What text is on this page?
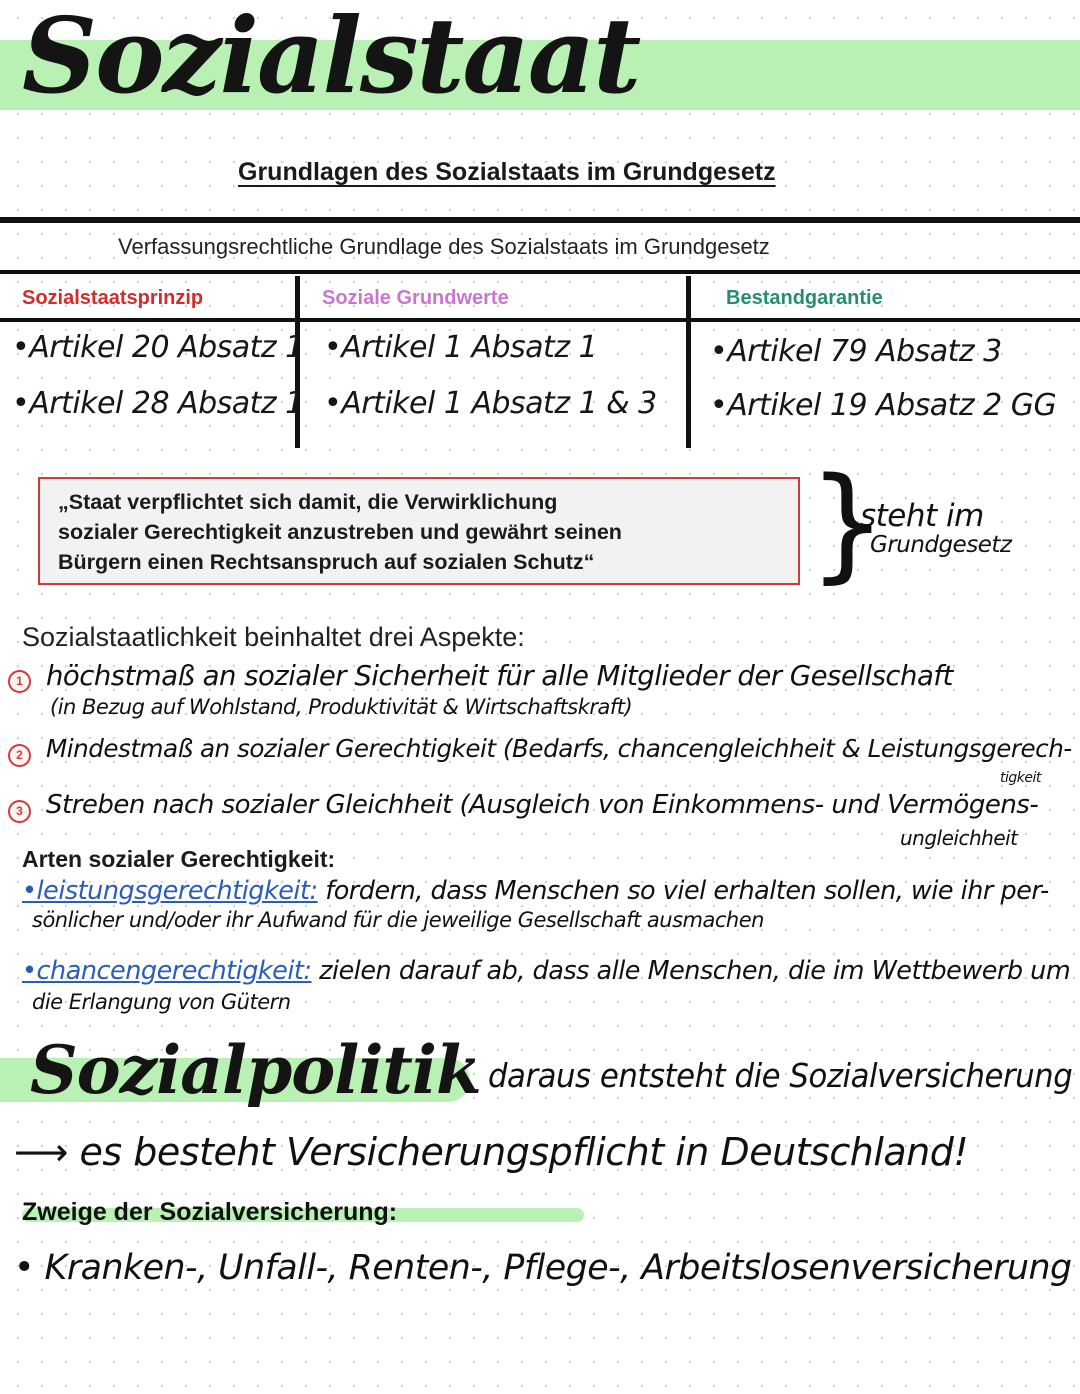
Sozialstaat
Grundlagen des Sozialstaats im Grundgesetz
Verfassungsrechtliche Grundlage des Sozialstaats im Grundgesetz
Sozialstaatsprinzip	Soziale Grundwerte	Bestandgarantie
•Artikel 20 Absatz 1
•Artikel 28 Absatz 1
•Artikel 1 Absatz 1
•Artikel 1 Absatz 1 & 3
•Artikel 79 Absatz 3
•Artikel 19 Absatz 2 GG
„Staat verpflichtet sich damit, die Verwirklichung
sozialer Gerechtigkeit anzustreben und gewährt seinen
Bürgern einen Rechtsanspruch auf sozialen Schutz“ }
steht im
Grundgesetz
Sozialstaatlichkeit beinhaltet drei Aspekte:
1 höchstmaß an sozialer Sicherheit für alle Mitglieder der Gesellschaft
(in Bezug auf Wohlstand, Produktivität & Wirtschaftskraft)
2 Mindestmaß an sozialer Gerechtigkeit (Bedarfs, chancengleichheit & Leistungsgerech-
tigkeit
3 Streben nach sozialer Gleichheit (Ausgleich von Einkommens- und Vermögens-
ungleichheit
Arten sozialer Gerechtigkeit:
•leistungsgerechtigkeit: fordern, dass Menschen so viel erhalten sollen, wie ihr per-
sönlicher und/oder ihr Aufwand für die jeweilige Gesellschaft ausmachen
•chancengerechtigkeit: zielen darauf ab, dass alle Menschen, die im Wettbewerb um
die Erlangung von Gütern
Sozialpolitik daraus entsteht die Sozialversicherung
⟶ es besteht Versicherungspflicht in Deutschland!
Zweige der Sozialversicherung:
• Kranken-, Unfall-, Renten-, Pflege-, Arbeitslosenversicherung
